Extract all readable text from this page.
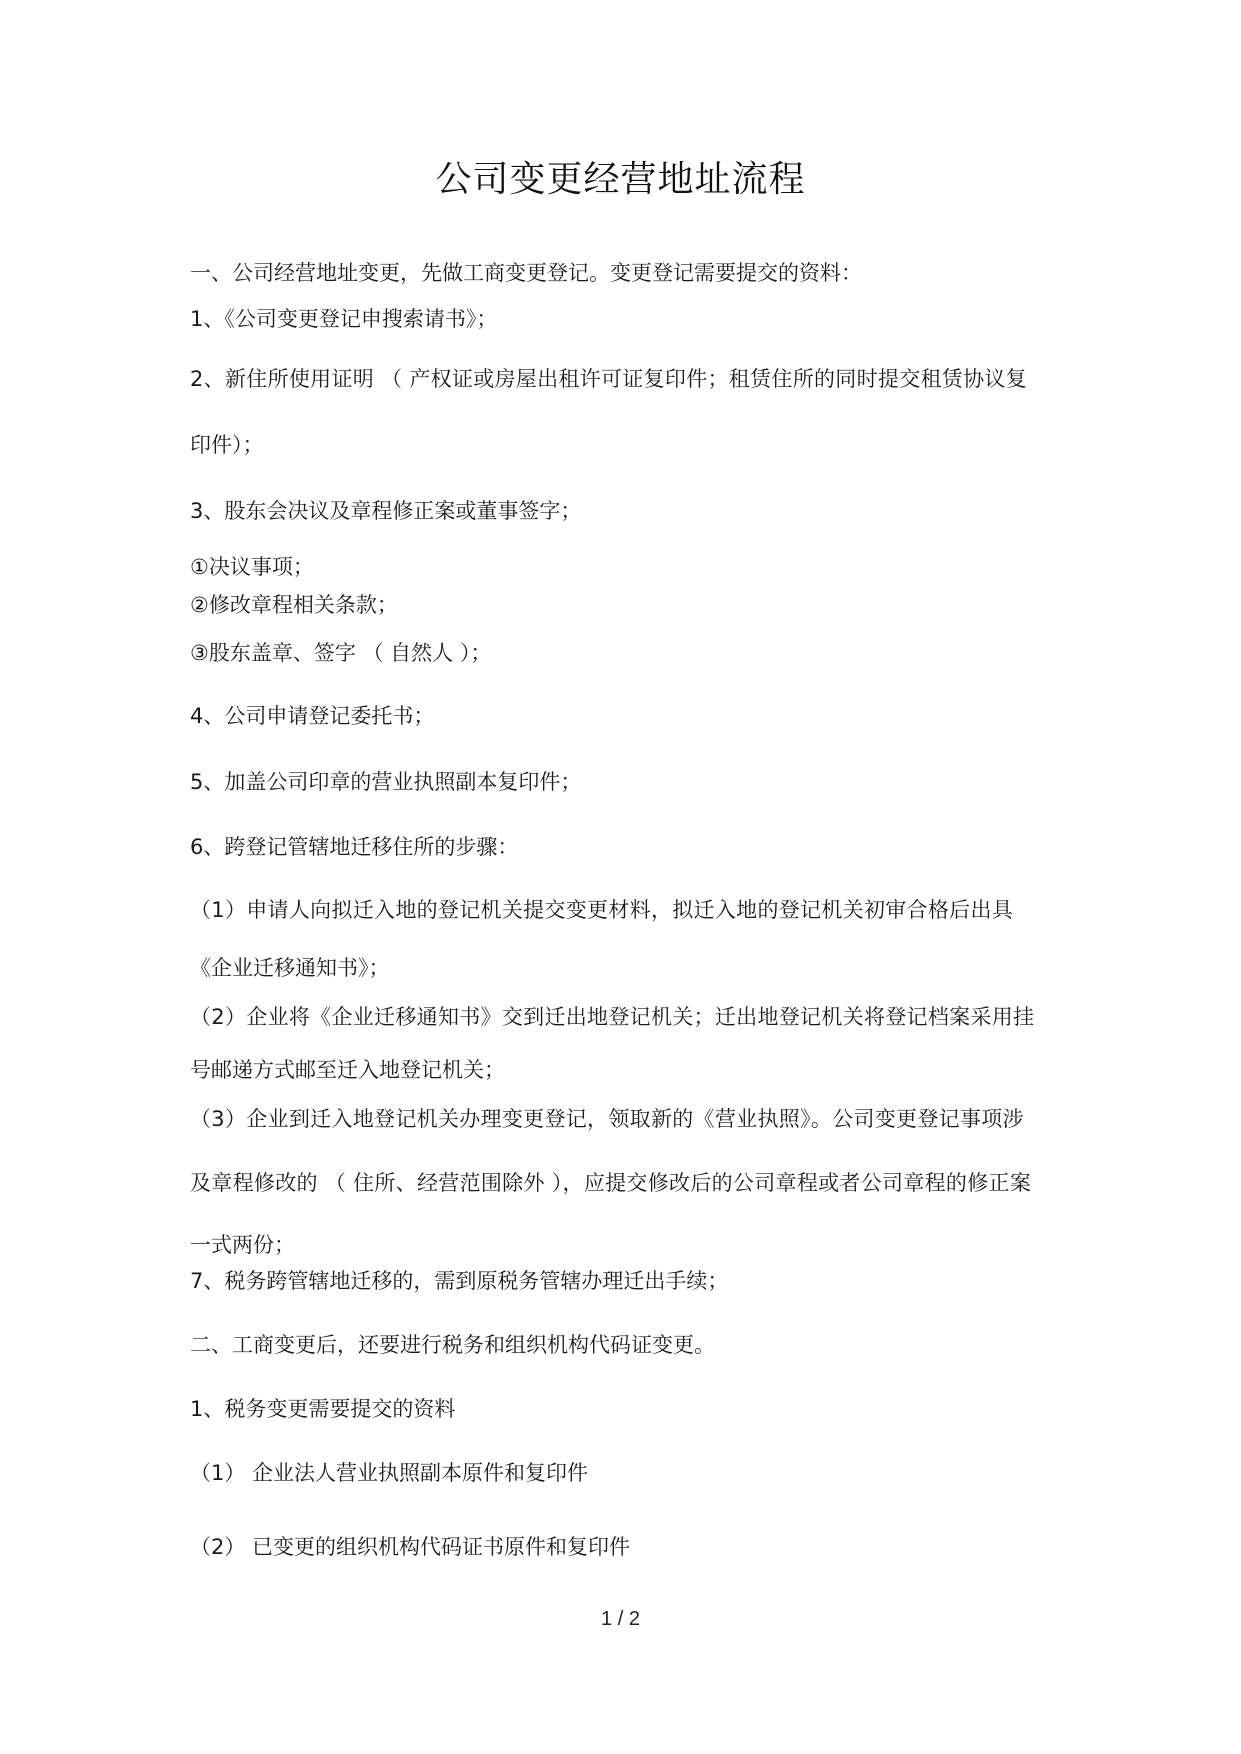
公司变更经营地址流程
一、公司经营地址变更，先做工商变更登记。变更登记需要提交的资料：
1、《公司变更登记申搜索请书》；
2、新住所使用证明 （ 产权证或房屋出租许可证复印件；租赁住所的同时提交租赁协议复
印件）；
3、股东会决议及章程修正案或董事签字；
①决议事项；
②修改章程相关条款；
③股东盖章、签字 （ 自然人 ）；
4、公司申请登记委托书；
5、加盖公司印章的营业执照副本复印件；
6、跨登记管辖地迁移住所的步骤：
（1）申请人向拟迁入地的登记机关提交变更材料，拟迁入地的登记机关初审合格后出具
《企业迁移通知书》；
（2）企业将《企业迁移通知书》交到迁出地登记机关；迁出地登记机关将登记档案采用挂
号邮递方式邮至迁入地登记机关；
（3）企业到迁入地登记机关办理变更登记，领取新的《营业执照》。公司变更登记事项涉
及章程修改的 （ 住所、经营范围除外 ），应提交修改后的公司章程或者公司章程的修正案
一式两份；
7、税务跨管辖地迁移的，需到原税务管辖办理迁出手续；
二、工商变更后，还要进行税务和组织机构代码证变更。
1、税务变更需要提交的资料
（1） 企业法人营业执照副本原件和复印件
（2） 已变更的组织机构代码证书原件和复印件
1 / 2
